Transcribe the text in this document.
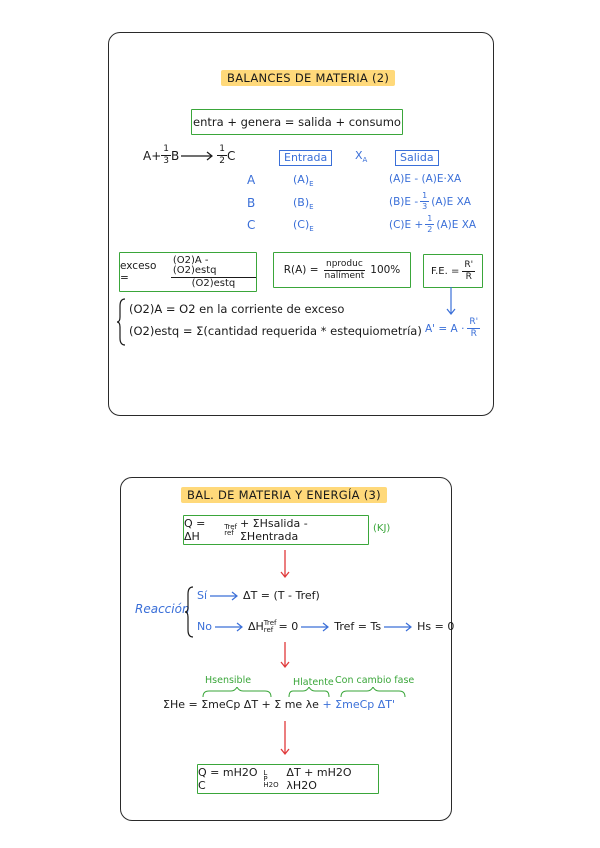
BALANCES DE MATERIA (2)
entra + genera = salida + consumo
$A+ \frac{1}{3}$ $B \to \frac{1}{2}$ C	Entrada	$X_A$	Salida
A	$(A)_E$	(A)E - (A)E·XA
B	$(B)_E$	$(B)E - \frac{1}{3} (A)E$ XA
C	$(C)_E$	$(C)E + \frac{1}{2} (A)E$ XA
exceso =
(O2)A - (O2)estq
(O2)estq
R(A) =
nproduc
nalíment 100%	F.E. = $\frac{R'}{R}$
$A' = A \cdot \frac{R'}{R}$
(O2)A = O2 en la corriente de exceso
(O2)estq = Σ(cantidad requerida * estequiometría)
BAL. DE MATERIA Y ENERGÍA (3)
Q = ΔH
Tref
ref
+ ΣHsalida - ΣHentrada
(KJ)
Reacción
Sí	ΔT = (T - Tref)
No	ΔH Tref
ref = 0	Tref = Ts	Hs = 0
Hsensible	Hlatente Con cambio fase
ΣHe = ΣmeCp ΔT + Σ me λe + ΣmeCp ΔT'
Q = mH2O C
L
P H2O
ΔT + mH2O λH2O
